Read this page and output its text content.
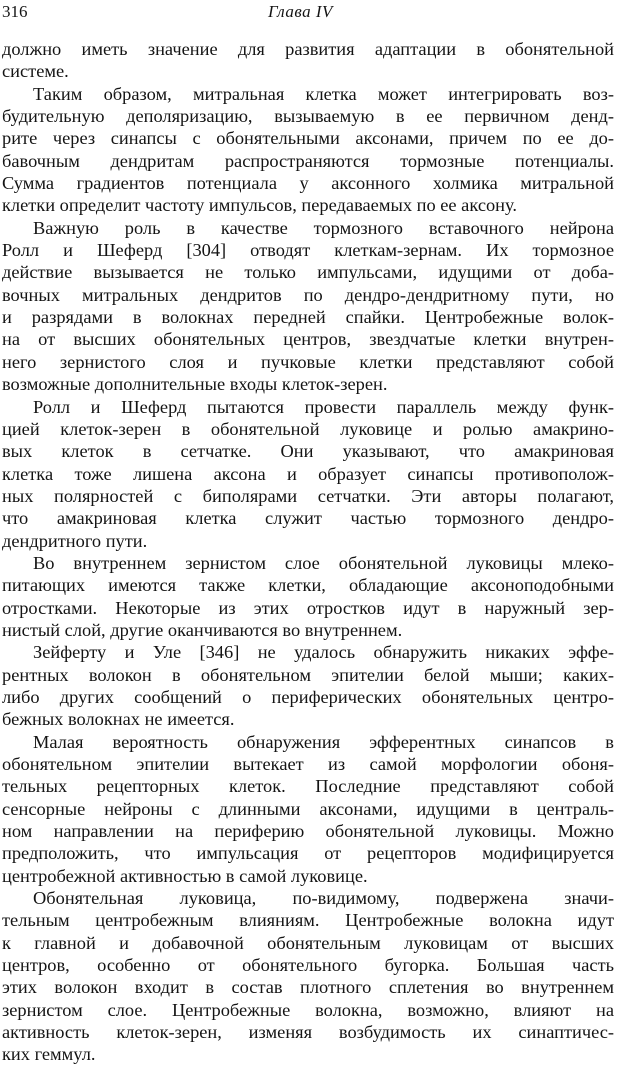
316	Глава IV
должно иметь значение для развития адаптации в обонятельной
системе.
Таким образом, митральная клетка может интегрировать воз-
будительную деполяризацию, вызываемую в ее первичном денд-
рите через синапсы с обонятельными аксонами, причем по ее до-
бавочным дендритам распространяются тормозные потенциалы.
Сумма градиентов потенциала у аксонного холмика митральной
клетки определит частоту импульсов, передаваемых по ее аксону.
Важную роль в качестве тормозного вставочного нейрона
Ролл и Шеферд [304] отводят клеткам-зернам. Их тормозное
действие вызывается не только импульсами, идущими от доба-
вочных митральных дендритов по дендро-дендритному пути, но
и разрядами в волокнах передней спайки. Центробежные волок-
на от высших обонятельных центров, звездчатые клетки внутрен-
него зернистого слоя и пучковые клетки представляют собой
возможные дополнительные входы клеток-зерен.
Ролл и Шеферд пытаются провести параллель между функ-
цией клеток-зерен в обонятельной луковице и ролью амакрино-
вых клеток в сетчатке. Они указывают, что амакриновая
клетка тоже лишена аксона и образует синапсы противополож-
ных полярностей с биполярами сетчатки. Эти авторы полагают,
что амакриновая клетка служит частью тормозного дендро-
дендритного пути.
Во внутреннем зернистом слое обонятельной луковицы млеко-
питающих имеются также клетки, обладающие аксоноподобными
отростками. Некоторые из этих отростков идут в наружный зер-
нистый слой, другие оканчиваются во внутреннем.
Зейферту и Уле [346] не удалось обнаружить никаких эффе-
рентных волокон в обонятельном эпителии белой мыши; каких-
либо других сообщений о периферических обонятельных центро-
бежных волокнах не имеется.
Малая вероятность обнаружения эфферентных синапсов в
обонятельном эпителии вытекает из самой морфологии обоня-
тельных рецепторных клеток. Последние представляют собой
сенсорные нейроны с длинными аксонами, идущими в централь-
ном направлении на периферию обонятельной луковицы. Можно
предположить, что импульсация от рецепторов модифицируется
центробежной активностью в самой луковице.
Обонятельная луковица, по-видимому, подвержена значи-
тельным центробежным влияниям. Центробежные волокна идут
к главной и добавочной обонятельным луковицам от высших
центров, особенно от обонятельного бугорка. Большая часть
этих волокон входит в состав плотного сплетения во внутреннем
зернистом слое. Центробежные волокна, возможно, влияют на
активность клеток-зерен, изменяя возбудимость их синаптичес-
ких геммул.
